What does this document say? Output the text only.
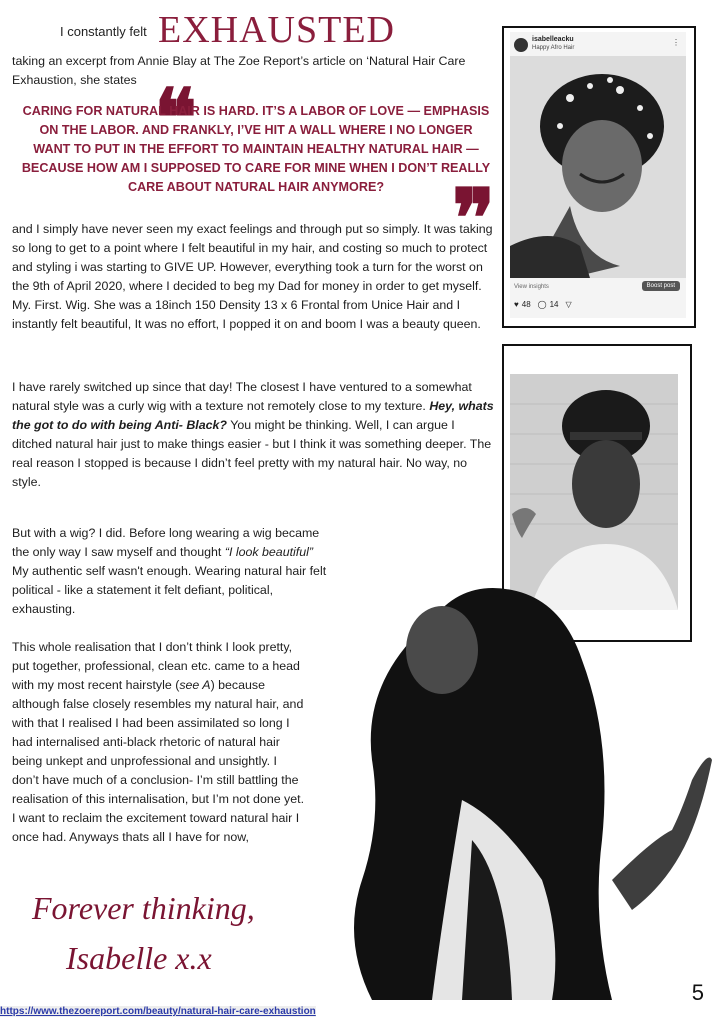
I constantly felt EXHAUSTED
taking an excerpt from Annie Blay at The Zoe Report’s article on ‘Natural Hair Care Exhaustion, she states ❝
❞
CARING FOR NATURAL HAIR IS HARD. IT’S A LABOR OF LOVE — EMPHASIS ON THE LABOR. AND FRANKLY, I’VE HIT A WALL WHERE I NO LONGER WANT TO PUT IN THE EFFORT TO MAINTAIN HEALTHY NATURAL HAIR — BECAUSE HOW AM I SUPPOSED TO CARE FOR MINE WHEN I DON’T REALLY CARE ABOUT NATURAL HAIR ANYMORE?
and I simply have never seen my exact feelings and through put so simply. It was taking so long to get to a point where I felt beautiful in my hair, and costing so much to protect and styling i was starting to GIVE UP. However, everything took a turn for the worst on the 9th of April 2020, where I decided to beg my Dad for money in order to get myself. My. First. Wig. She was a 18inch 150 Density 13 x 6 Frontal from Unice Hair and I instantly felt beautiful, It was no effort, I popped it on and boom I was a beauty queen.
I have rarely switched up since that day! The closest I have ventured to a somewhat natural style was a curly wig with a texture not remotely close to my texture. Hey, whats the got to do with being Anti- Black? You might be thinking. Well, I can argue I ditched natural hair just to make things easier - but I think it was something deeper. The real reason I stopped is because I didn’t feel pretty with my natural hair. No way, no style.
But with a wig? I did. Before long wearing a wig became the only way I saw myself and thought “I look beautiful” My authentic self wasn't enough. Wearing natural hair felt political - like a statement it felt defiant, political, exhausting.
This whole realisation that I don’t think I look pretty, put together, professional, clean etc. came to a head with my most recent hairstyle (see A) because although false closely resembles my natural hair, and with that I realised I had been assimilated so long I had internalised anti-black rhetoric of natural hair being unkept and unprofessional and unsightly. I don’t have much of a conclusion- I’m still battling the realisation of this internalisation, but I’m not done yet. I want to reclaim the excitement toward natural hair I once had. Anyways thats all I have for now,
Forever thinking,
Isabelle x.x
isabelleacku
Happy Afro Hair
⋮
View insights	Boost post
♥ 48 ◯ 14 ▽
5
https://www.thezoereport.com/beauty/natural-hair-care-exhaustion
